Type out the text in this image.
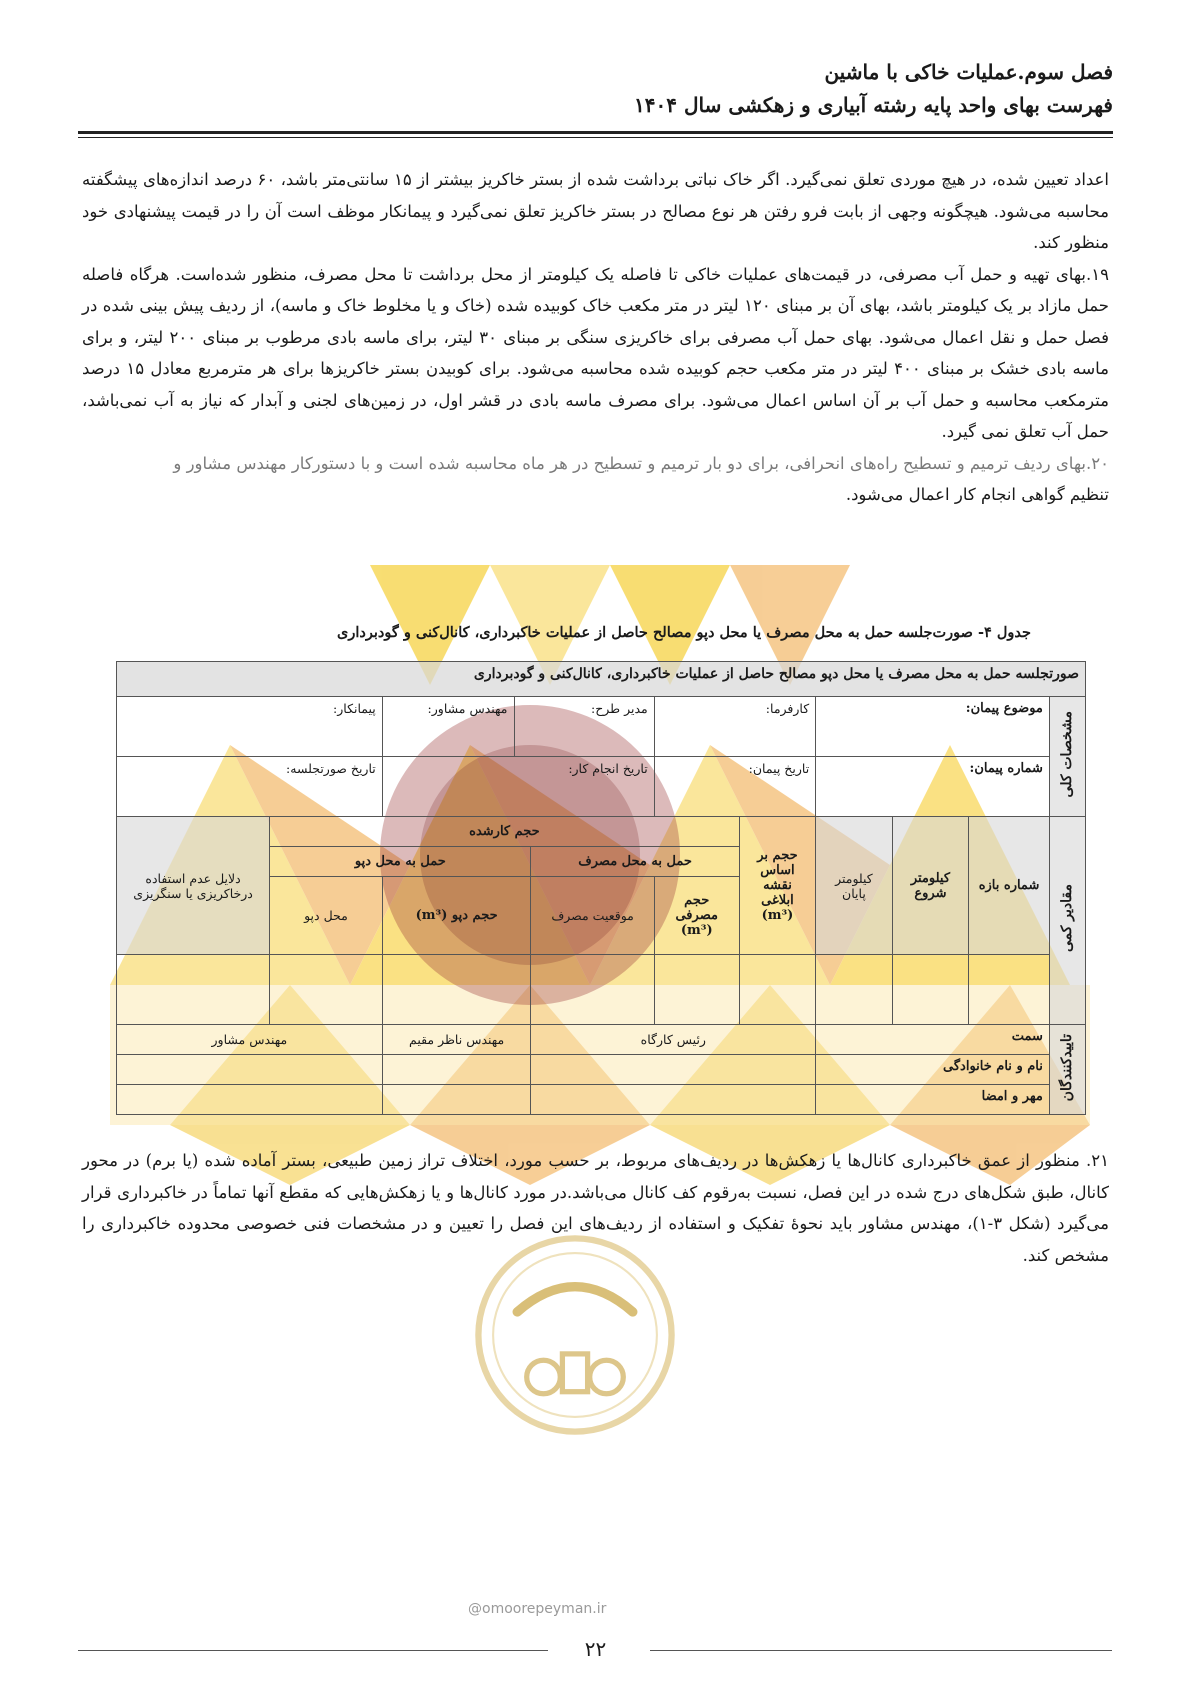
فصل سوم.عملیات خاکی با ماشین
فهرست بهای واحد پایه رشته آبیاری و زهکشی سال ۱۴۰۴

اعداد تعیین شده، در هیچ موردی تعلق نمی‌گیرد. اگر خاک نباتی برداشت شده از بستر خاکریز بیشتر از ۱۵ سانتی‌متر باشد، ۶۰ درصد اندازه‌های پیشگفته محاسبه می‌شود. هیچگونه وجهی از بابت فرو رفتن هر نوع مصالح در بستر خاکریز تعلق نمی‌گیرد و پیمانکار موظف است آن را در قیمت پیشنهادی خود منظور کند.

۱۹.بهای تهیه و حمل آب مصرفی، در قیمت‌های عملیات خاکی تا فاصله یک کیلومتر از محل برداشت تا محل مصرف، منظور شده‌است. هرگاه فاصله حمل مازاد بر یک کیلومتر باشد، بهای آن بر مبنای ۱۲۰ لیتر در متر مکعب خاک کوبیده شده (خاک و یا مخلوط خاک و ماسه)، از ردیف پیش بینی شده در فصل حمل و نقل اعمال می‌شود. بهای حمل آب مصرفی برای خاکریزی سنگی بر مبنای ۳۰ لیتر، برای ماسه بادی مرطوب بر مبنای ۲۰۰ لیتر، و برای ماسه بادی خشک بر مبنای ۴۰۰ لیتر در متر مکعب حجم کوبیده شده محاسبه می‌شود. برای کوبیدن بستر خاکریزها برای هر مترمربع معادل ۱۵ درصد مترمکعب محاسبه و حمل آب بر آن اساس اعمال می‌شود. برای مصرف ماسه بادی در قشر اول، در زمین‌های لجنی و آبدار که نیاز به آب نمی‌باشد، حمل آب تعلق نمی گیرد.

۲۰.بهای ردیف ترمیم و تسطیح راه‌های انحرافی، برای دو بار ترمیم و تسطیح در هر ماه محاسبه شده است و با دستورکار مهندس مشاور و

تنظیم گواهی انجام کار اعمال می‌شود.

جدول ۴- صورت‌جلسه حمل به محل مصرف یا محل دپو مصالح حاصل از عملیات خاکبرداری، کانال‌کنی و گودبرداری
صورتجلسه حمل به محل مصرف یا محل دپو مصالح حاصل از عملیات خاکبرداری، کانال‌کنی و گودبرداری										
مشخصات کلی	موضوع پیمان:			کارفرما:		مدیر طرح:		مهندس مشاور:	پیمانکار:	
	شماره پیمان:			تاریخ پیمان:		تاریخ انجام کار:			تاریخ صورتجلسه:	
مقادیر کمی	شماره بازه	کیلومتر شروع	کیلومتر پایان	حجم بر اساس نقشه ابلاغی (m³)	حجم کارشده					دلایل عدم استفاده درخاکریزی یا سنگریزی
					حمل به محل مصرف		حمل به محل دپو			
					حجم مصرفی (m³)	موقعیت مصرف	حجم دپو (m³)		محل دپو	

تاییدکنندگان	سمت			رئیس کارگاه			مهندس ناظر مقیم		مهندس مشاور	
	نام و نام خانوادگی									
	مهر و امضا									

۲۱. منظور از عمق خاکبرداری کانال‌ها یا زهکش‌ها در ردیف‌های مربوط، بر حسب مورد، اختلاف تراز زمین طبیعی، بستر آماده شده (یا برم) در محور کانال، طبق شکل‌های درج شده در این فصل، نسبت به‌رقوم کف کانال می‌باشد.در مورد کانال‌ها و یا زهکش‌هایی که مقطع آنها تماماً در خاکبرداری قرار می‌گیرد (شکل ۳-۱)، مهندس مشاور باید نحوهٔ تفکیک و استفاده از ردیف‌های این فصل را تعیین و در مشخصات فنی خصوصی محدوده خاکبرداری را مشخص کند.

@omoorepeyman.ir
۲۲
